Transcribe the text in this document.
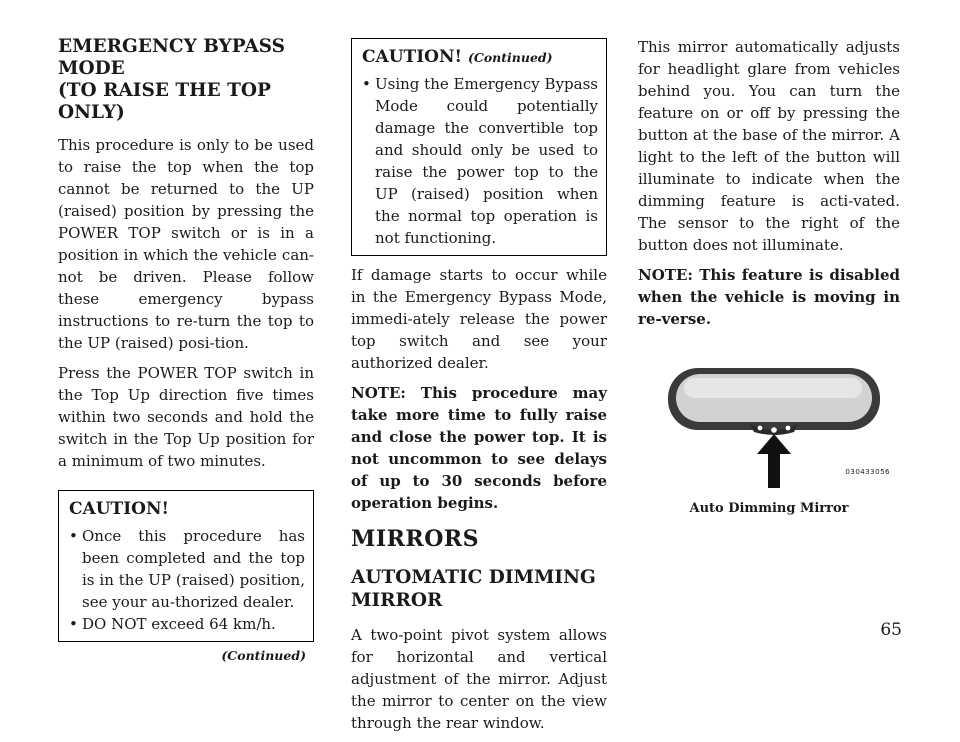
EMERGENCY BYPASS MODE
(TO RAISE THE TOP ONLY)

This procedure is only to be used to raise the top when the top cannot be returned to the UP (raised) position by pressing the POWER TOP switch or is in a position in which the vehicle can-not be driven. Please follow these emergency bypass instructions to re-turn the top to the UP (raised) posi-tion.

Press the POWER TOP switch in the Top Up direction five times within two seconds and hold the switch in the Top Up position for a minimum of two minutes.

CAUTION!
• Once this procedure has been completed and the top is in the UP (raised) position, see your au-thorized dealer.
• DO NOT exceed 64 km/h.
(Continued)
CAUTION! (Continued)
• Using the Emergency Bypass Mode could potentially damage the convertible top and should only be used to raise the power top to the UP (raised) position when the normal top operation is not functioning.

If damage starts to occur while in the Emergency Bypass Mode, immedi-ately release the power top switch and see your authorized dealer.

NOTE: This procedure may take more time to fully raise and close the power top. It is not uncommon to see delays of up to 30 seconds before operation begins.

MIRRORS
AUTOMATIC DIMMING
MIRROR

A two-point pivot system allows for horizontal and vertical adjustment of the mirror. Adjust the mirror to center on the view through the rear window.

This mirror automatically adjusts for headlight glare from vehicles behind you. You can turn the feature on or off by pressing the button at the base of the mirror. A light to the left of the button will illuminate to indicate when the dimming feature is acti-vated. The sensor to the right of the button does not illuminate.

NOTE: This feature is disabled when the vehicle is moving in re-verse.

030433056
Auto Dimming Mirror
65
